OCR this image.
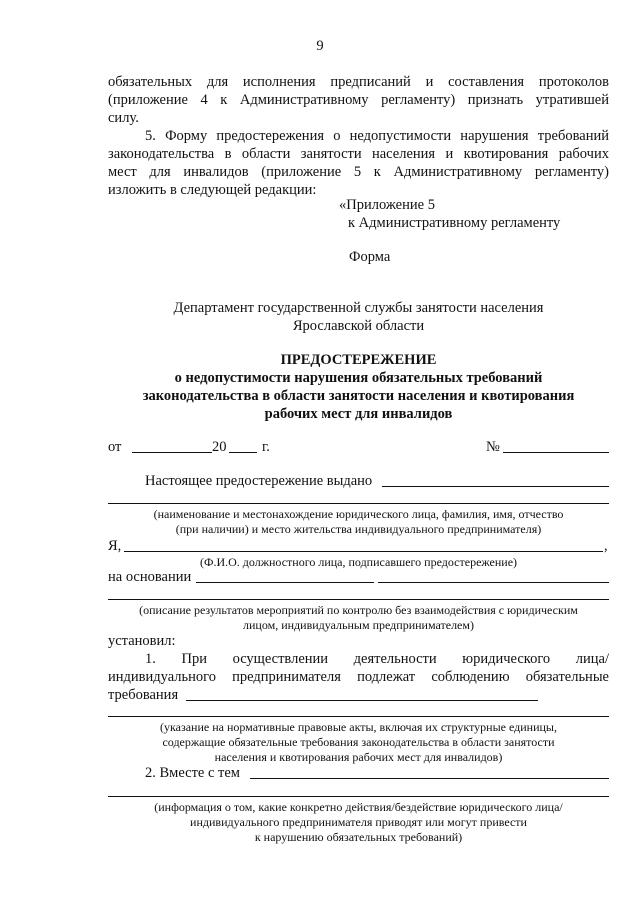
9
обязательных для исполнения предписаний и составления протоколов
(приложение 4 к Административному регламенту) признать утратившей
силу.
5. Форму предостережения о недопустимости нарушения требований
законодательства в области занятости населения и квотирования рабочих
мест для инвалидов (приложение 5 к Административному регламенту)
изложить в следующей редакции:
«Приложение 5
к Административному регламенту
Форма
Департамент государственной службы занятости населения
Ярославской области
ПРЕДОСТЕРЕЖЕНИЕ
о недопустимости нарушения обязательных требований
законодательства в области занятости населения и квотирования
рабочих мест для инвалидов
от	20 г.	№
Настоящее предостережение выдано
(наименование и местонахождение юридического лица, фамилия, имя, отчество
(при наличии) и место жительства индивидуального предпринимателя)
Я,	,
(Ф.И.О. должностного лица, подписавшего предостережение)
на основании
(описание результатов мероприятий по контролю без взаимодействия с юридическим
лицом, индивидуальным предпринимателем)
установил:
1. При осуществлении деятельности юридического лица/
индивидуального предпринимателя подлежат соблюдению обязательные
требования
(указание на нормативные правовые акты, включая их структурные единицы,
содержащие обязательные требования законодательства в области занятости
населения и квотирования рабочих мест для инвалидов)
2. Вместе с тем
(информация о том, какие конкретно действия/бездействие юридического лица/
индивидуального предпринимателя приводят или могут привести
к нарушению обязательных требований)
